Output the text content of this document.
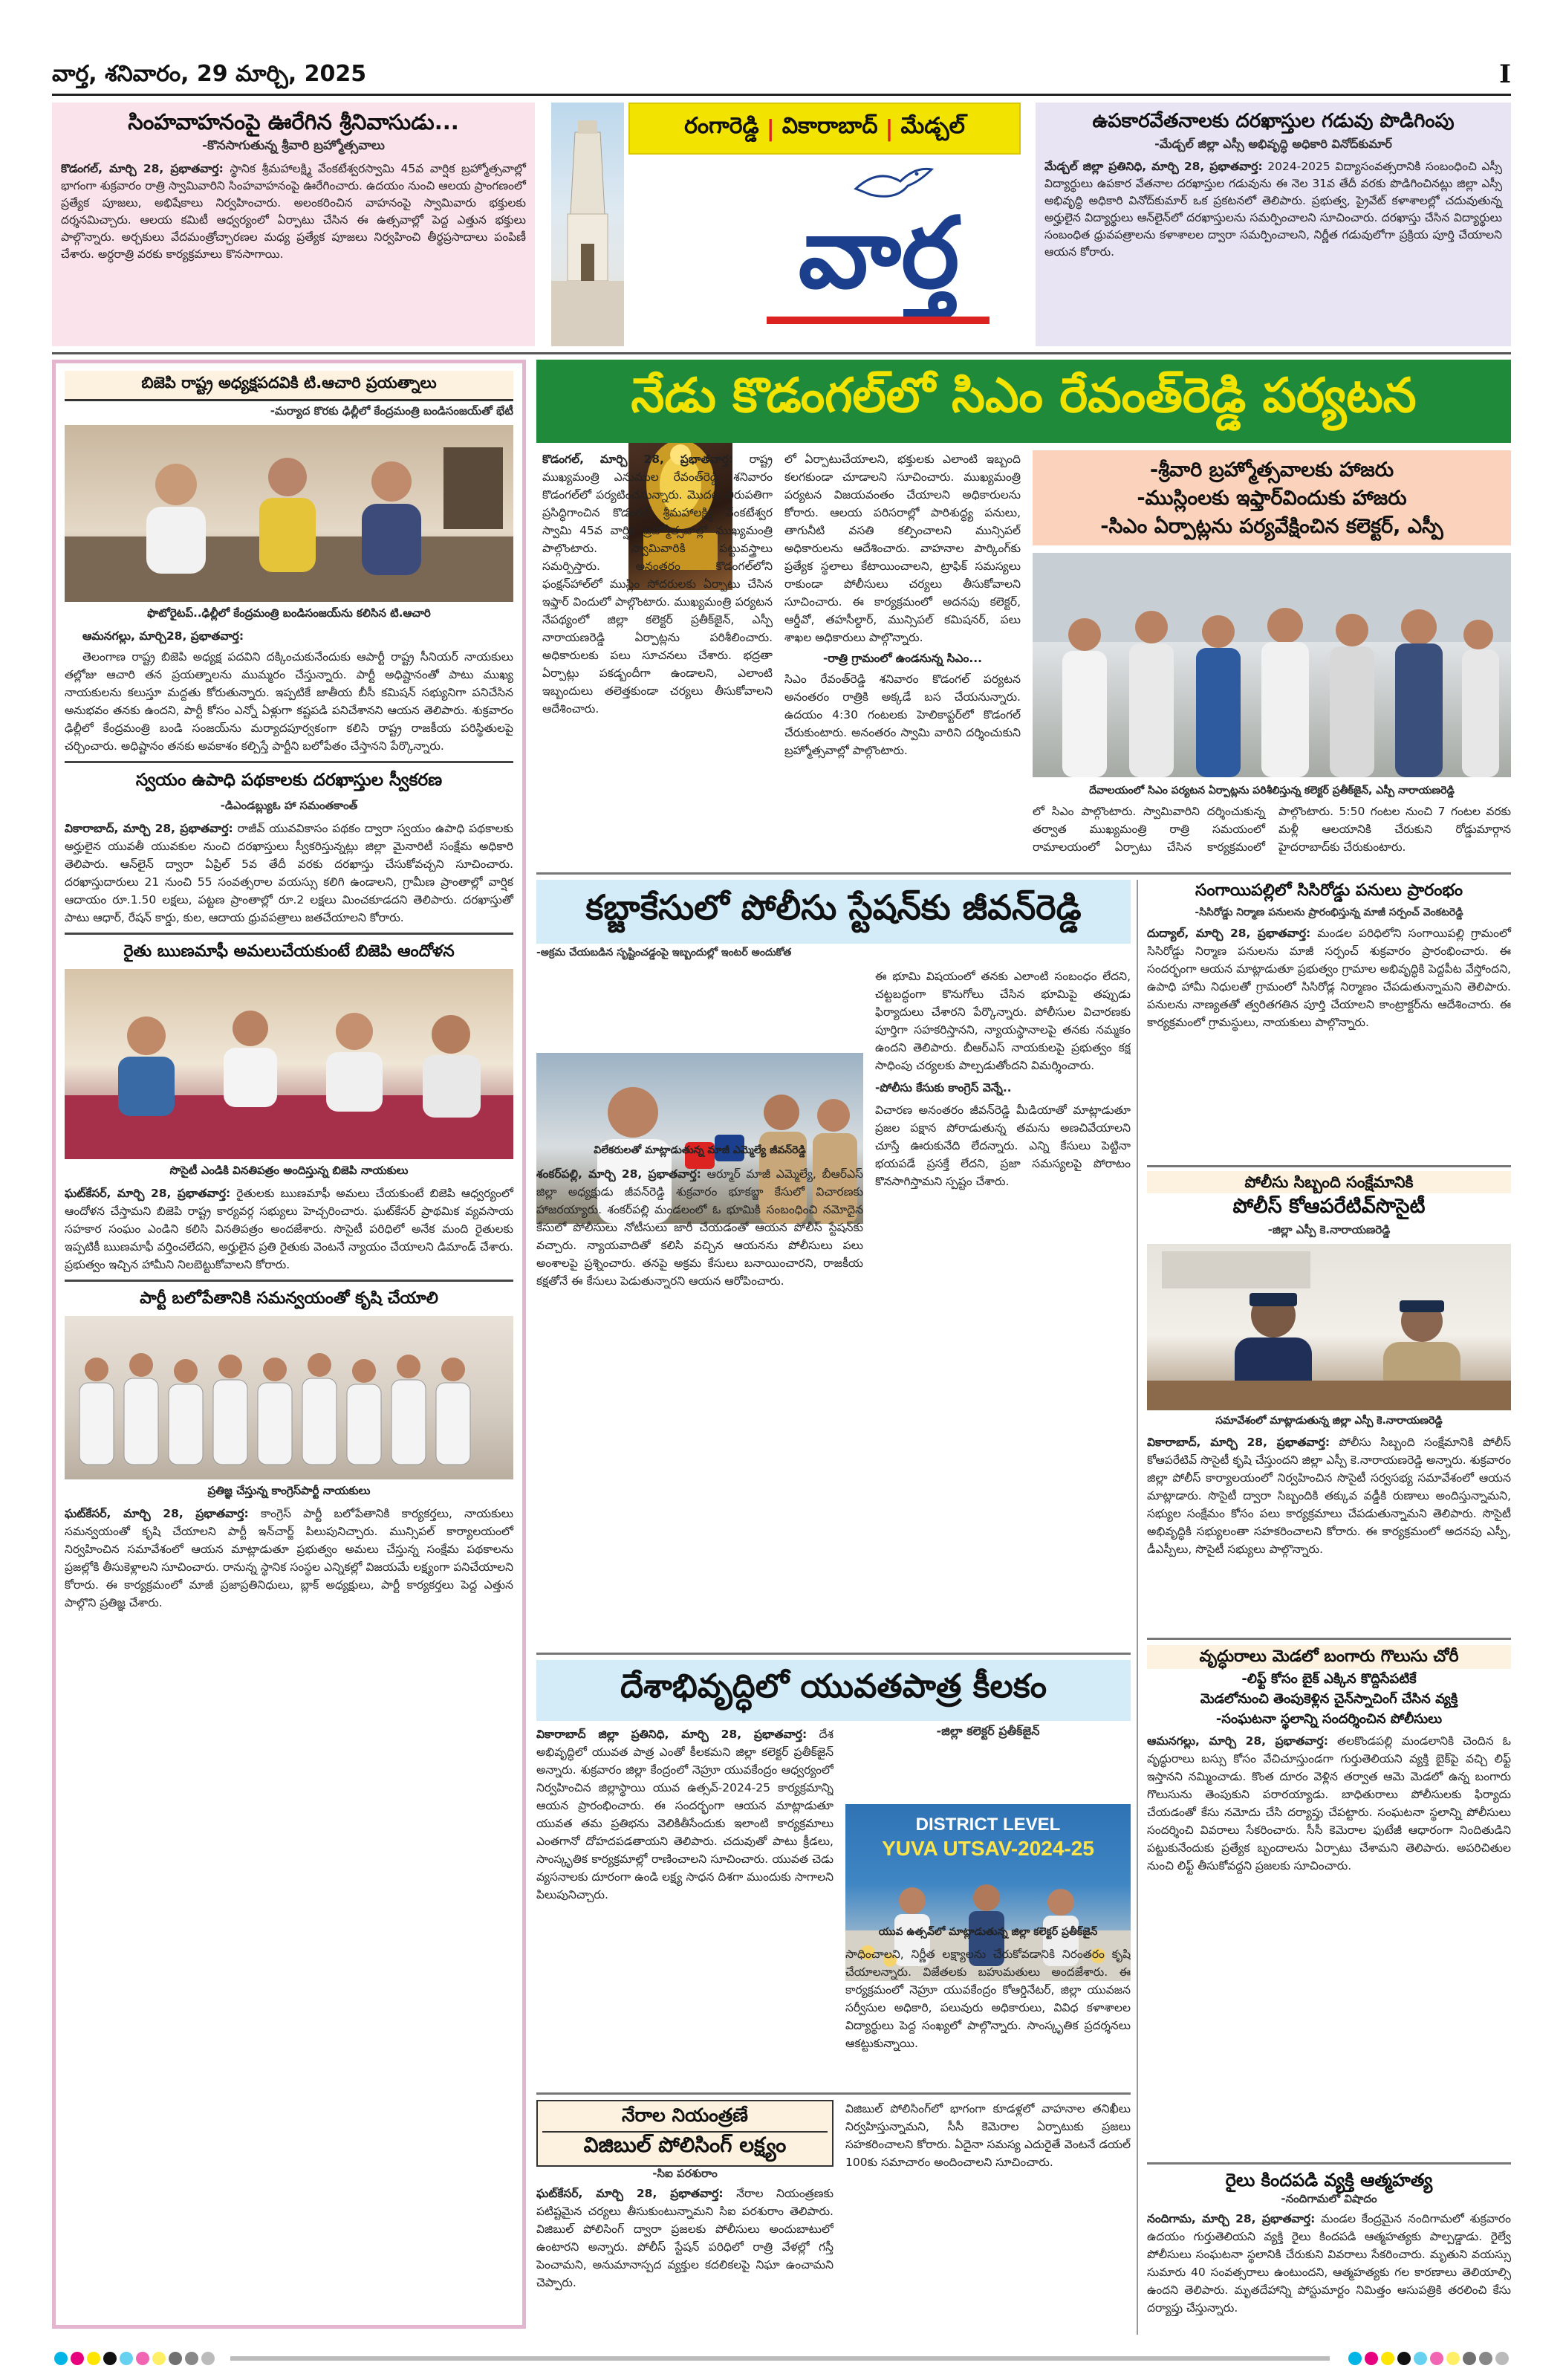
వార్త, శనివారం, 29 మార్చి, 2025	I
సింహవాహనంపై ఊరేగిన శ్రీనివాసుడు...
-కొనసాగుతున్న శ్రీవారి బ్రహ్మోత్సవాలు
కొడంగల్, మార్చి 28, ప్రభాతవార్త: స్థానిక శ్రీమహాలక్ష్మి వేంకటేశ్వరస్వామి 45వ వార్షిక బ్రహ్మోత్సవాల్లో భాగంగా శుక్రవారం రాత్రి స్వామివారిని సింహవాహనంపై ఊరేగించారు. ఉదయం నుంచి ఆలయ ప్రాంగణంలో ప్రత్యేక పూజలు, అభిషేకాలు నిర్వహించారు. అలంకరించిన వాహనంపై స్వామివారు భక్తులకు దర్శనమిచ్చారు. ఆలయ కమిటీ ఆధ్వర్యంలో ఏర్పాటు చేసిన ఈ ఉత్సవాల్లో పెద్ద ఎత్తున భక్తులు పాల్గొన్నారు. అర్చకులు వేదమంత్రోచ్ఛారణల మధ్య ప్రత్యేక పూజలు నిర్వహించి తీర్థప్రసాదాలు పంపిణీ చేశారు. అర్ధరాత్రి వరకు కార్యక్రమాలు కొనసాగాయి.
రంగారెడ్డి | వికారాబాద్ | మేడ్చల్
వార్త
ఉపకారవేతనాలకు దరఖాస్తుల గడువు పొడిగింపు
-మేడ్చల్ జిల్లా ఎస్సీ అభివృద్ధి అధికారి వినోద్‌కుమార్
మేడ్చల్ జిల్లా ప్రతినిధి, మార్చి 28, ప్రభాతవార్త: 2024-2025 విద్యాసంవత్సరానికి సంబంధించి ఎస్సీ విద్యార్థులు ఉపకార వేతనాల దరఖాస్తుల గడువును ఈ నెల 31వ తేదీ వరకు పొడిగించినట్లు జిల్లా ఎస్సీ అభివృద్ధి అధికారి వినోద్‌కుమార్ ఒక ప్రకటనలో తెలిపారు. ప్రభుత్వ, ప్రైవేట్ కళాశాలల్లో చదువుతున్న అర్హులైన విద్యార్థులు ఆన్‌లైన్‌లో దరఖాస్తులను సమర్పించాలని సూచించారు. దరఖాస్తు చేసిన విద్యార్థులు సంబంధిత ధ్రువపత్రాలను కళాశాలల ద్వారా సమర్పించాలని, నిర్ణీత గడువులోగా ప్రక్రియ పూర్తి చేయాలని ఆయన కోరారు.
బిజెపి రాష్ట్ర అధ్యక్షపదవికి టి.ఆచారి ప్రయత్నాలు
-మర్యాద కొరకు ఢిల్లీలో కేంద్రమంత్రి బండిసంజయ్‌తో భేటీ
ఫొటోరైటప్..ఢిల్లీలో కేంద్రమంత్రి బండిసంజయ్‌ను కలిసిన టి.ఆచారి

ఆమనగల్లు, మార్చి28, ప్రభాతవార్త:

తెలంగాణ రాష్ట్ర బిజెపి అధ్యక్ష పదవిని దక్కించుకునేందుకు ఆపార్టీ రాష్ట్ర సీనియర్ నాయకులు తల్లోజు ఆచారి తన ప్రయత్నాలను ముమ్మరం చేస్తున్నారు. పార్టీ అధిష్టానంతో పాటు ముఖ్య నాయకులను కలుస్తూ మద్దతు కోరుతున్నారు. ఇప్పటికే జాతీయ బీసీ కమిషన్ సభ్యునిగా పనిచేసిన అనుభవం తనకు ఉందని, పార్టీ కోసం ఎన్నో ఏళ్లుగా కష్టపడి పనిచేశానని ఆయన తెలిపారు. శుక్రవారం ఢిల్లీలో కేంద్రమంత్రి బండి సంజయ్‌ను మర్యాదపూర్వకంగా కలిసి రాష్ట్ర రాజకీయ పరిస్థితులపై చర్చించారు. అధిష్టానం తనకు అవకాశం కల్పిస్తే పార్టీని బలోపేతం చేస్తానని పేర్కొన్నారు.

స్వయం ఉపాధి పథకాలకు దరఖాస్తుల స్వీకరణ
-డిఎండబ్ల్యుఓ హా సమంతకాంత్
వికారాబాద్, మార్చి 28, ప్రభాతవార్త: రాజీవ్ యువవికాసం పథకం ద్వారా స్వయం ఉపాధి పథకాలకు అర్హులైన యువతీ యువకుల నుంచి దరఖాస్తులు స్వీకరిస్తున్నట్లు జిల్లా మైనారిటీ సంక్షేమ అధికారి తెలిపారు. ఆన్‌లైన్ ద్వారా ఏప్రిల్ 5వ తేదీ వరకు దరఖాస్తు చేసుకోవచ్చని సూచించారు. దరఖాస్తుదారులు 21 నుంచి 55 సంవత్సరాల వయస్సు కలిగి ఉండాలని, గ్రామీణ ప్రాంతాల్లో వార్షిక ఆదాయం రూ.1.50 లక్షలు, పట్టణ ప్రాంతాల్లో రూ.2 లక్షలు మించకూడదని తెలిపారు. దరఖాస్తుతో పాటు ఆధార్, రేషన్ కార్డు, కుల, ఆదాయ ధ్రువపత్రాలు జతచేయాలని కోరారు.
రైతు ఋణమాఫీ అమలుచేయకుంటే బిజెపి ఆందోళన
సొసైటీ ఎండికి వినతిపత్రం అందిస్తున్న బిజెపి నాయకులు
ఘట్‌కేసర్, మార్చి 28, ప్రభాతవార్త: రైతులకు ఋణమాఫీ అమలు చేయకుంటే బిజెపి ఆధ్వర్యంలో ఆందోళన చేస్తామని బిజెపి రాష్ట్ర కార్యవర్గ సభ్యులు హెచ్చరించారు. ఘట్‌కేసర్ ప్రాథమిక వ్యవసాయ సహకార సంఘం ఎండిని కలిసి వినతిపత్రం అందజేశారు. సొసైటీ పరిధిలో అనేక మంది రైతులకు ఇప్పటికీ ఋణమాఫీ వర్తించలేదని, అర్హులైన ప్రతి రైతుకు వెంటనే న్యాయం చేయాలని డిమాండ్ చేశారు. ప్రభుత్వం ఇచ్చిన హామీని నిలబెట్టుకోవాలని కోరారు.
పార్టీ బలోపేతానికి సమన్వయంతో కృషి చేయాలి
ప్రతిజ్ఞ చేస్తున్న కాంగ్రెస్‌పార్టీ నాయకులు
ఘట్‌కేసర్, మార్చి 28, ప్రభాతవార్త: కాంగ్రెస్ పార్టీ బలోపేతానికి కార్యకర్తలు, నాయకులు సమన్వయంతో కృషి చేయాలని పార్టీ ఇన్‌చార్జ్ పిలుపునిచ్చారు. మున్సిపల్ కార్యాలయంలో నిర్వహించిన సమావేశంలో ఆయన మాట్లాడుతూ ప్రభుత్వం అమలు చేస్తున్న సంక్షేమ పథకాలను ప్రజల్లోకి తీసుకెళ్లాలని సూచించారు. రానున్న స్థానిక సంస్థల ఎన్నికల్లో విజయమే లక్ష్యంగా పనిచేయాలని కోరారు. ఈ కార్యక్రమంలో మాజీ ప్రజాప్రతినిధులు, బ్లాక్ అధ్యక్షులు, పార్టీ కార్యకర్తలు పెద్ద ఎత్తున పాల్గొని ప్రతిజ్ఞ చేశారు.
నేడు కొడంగల్‌లో సిఎం రేవంత్‌రెడ్డి పర్యటన
కొడంగల్, మార్చి 28, ప్రభాతవార్త: రాష్ట్ర ముఖ్యమంత్రి ఎనుముల రేవంత్‌రెడ్డి శనివారం కొడంగల్‌లో పర్యటించనున్నారు. మొదట తిరుపతిగా ప్రసిద్ధిగాంచిన కొడంగల్ శ్రీమహాలక్ష్మి వేంకటేశ్వర స్వామి 45వ వార్షిక బ్రహ్మోత్సవాల్లో ముఖ్యమంత్రి పాల్గొంటారు. స్వామివారికి పట్టువస్త్రాలు సమర్పిస్తారు. అనంతరం కొడంగల్‌లోని ఫంక్షన్‌హాల్‌లో ముస్లిం సోదరులకు ఏర్పాటు చేసిన ఇఫ్తార్ విందులో పాల్గొంటారు. ముఖ్యమంత్రి పర్యటన నేపథ్యంలో జిల్లా కలెక్టర్ ప్రతీక్‌జైన్, ఎస్పీ నారాయణరెడ్డి ఏర్పాట్లను పరిశీలించారు. అధికారులకు పలు సూచనలు చేశారు. భద్రతా ఏర్పాట్లు పకడ్బందీగా ఉండాలని, ఎలాంటి ఇబ్బందులు తలెత్తకుండా చర్యలు తీసుకోవాలని ఆదేశించారు.
లో ఏర్పాటుచేయాలని, భక్తులకు ఎలాంటి ఇబ్బంది కలగకుండా చూడాలని సూచించారు. ముఖ్యమంత్రి పర్యటన విజయవంతం చేయాలని అధికారులను కోరారు. ఆలయ పరిసరాల్లో పారిశుద్ధ్య పనులు, తాగునీటి వసతి కల్పించాలని మున్సిపల్ అధికారులను ఆదేశించారు. వాహనాల పార్కింగ్‌కు ప్రత్యేక స్థలాలు కేటాయించాలని, ట్రాఫిక్ సమస్యలు రాకుండా పోలీసులు చర్యలు తీసుకోవాలని సూచించారు. ఈ కార్యక్రమంలో అదనపు కలెక్టర్, ఆర్డీవో, తహసీల్దార్, మున్సిపల్ కమిషనర్, పలు శాఖల అధికారులు పాల్గొన్నారు.
-రాత్రి గ్రామంలో ఉండనున్న సిఎం...
సిఎం రేవంత్‌రెడ్డి శనివారం కొడంగల్ పర్యటన అనంతరం రాత్రికి అక్కడే బస చేయనున్నారు. ఉదయం 4:30 గంటలకు హెలికాప్టర్‌లో కొడంగల్ చేరుకుంటారు. అనంతరం స్వామి వారిని దర్శించుకుని బ్రహ్మోత్సవాల్లో పాల్గొంటారు.
-శ్రీవారి బ్రహ్మోత్సవాలకు హాజరు
-ముస్లింలకు ఇఫ్తార్‌విందుకు హాజరు
-సిఎం ఏర్పాట్లను పర్యవేక్షించిన కలెక్టర్, ఎస్పీ
దేవాలయంలో సిఎం పర్యటన ఏర్పాట్లను పరిశీలిస్తున్న కలెక్టర్ ప్రతీక్‌జైన్, ఎస్పీ నారాయణరెడ్డి
లో సిఎం పాల్గొంటారు. స్వామివారిని దర్శించుకున్న తర్వాత ముఖ్యమంత్రి రాత్రి సమయంలో రామాలయంలో ఏర్పాటు చేసిన కార్యక్రమంలో పాల్గొంటారు. 5:50 గంటల నుంచి 7 గంటల వరకు మళ్లీ ఆలయానికి చేరుకుని రోడ్డుమార్గాన హైదరాబాద్‌కు చేరుకుంటారు.
కబ్జాకేసులో పోలీసు స్టేషన్‌కు జీవన్‌రెడ్డి
-అక్రమ చేయబడిన సృష్టించడ్డంపై ఇబ్బందుల్లో ఇంటర్ అందుకోత
విలేకరులతో మాట్లాడుతున్న మాజీ ఎమ్మెల్యే జీవన్‌రెడ్డి
శంకర్‌పల్లి, మార్చి 28, ప్రభాతవార్త: ఆర్మూర్ మాజీ ఎమ్మెల్యే, బీఆర్ఎస్ జిల్లా అధ్యక్షుడు జీవన్‌రెడ్డి శుక్రవారం భూకబ్జా కేసులో విచారణకు హాజరయ్యారు. శంకర్‌పల్లి మండలంలో ఓ భూమికి సంబంధించి నమోదైన కేసులో పోలీసులు నోటీసులు జారీ చేయడంతో ఆయన పోలీస్ స్టేషన్‌కు వచ్చారు. న్యాయవాదితో కలిసి వచ్చిన ఆయనను పోలీసులు పలు అంశాలపై ప్రశ్నించారు. తనపై అక్రమ కేసులు బనాయించారని, రాజకీయ కక్షతోనే ఈ కేసులు పెడుతున్నారని ఆయన ఆరోపించారు.
ఈ భూమి విషయంలో తనకు ఎలాంటి సంబంధం లేదని, చట్టబద్ధంగా కొనుగోలు చేసిన భూమిపై తప్పుడు ఫిర్యాదులు చేశారని పేర్కొన్నారు. పోలీసుల విచారణకు పూర్తిగా సహకరిస్తానని, న్యాయస్థానాలపై తనకు నమ్మకం ఉందని తెలిపారు. బీఆర్ఎస్ నాయకులపై ప్రభుత్వం కక్ష సాధింపు చర్యలకు పాల్పడుతోందని విమర్శించారు.
-పోలీసు కేసుకు కాంగ్రెస్ వెన్నే..
విచారణ అనంతరం జీవన్‌రెడ్డి మీడియాతో మాట్లాడుతూ ప్రజల పక్షాన పోరాడుతున్న తమను అణచివేయాలని చూస్తే ఊరుకునేది లేదన్నారు. ఎన్ని కేసులు పెట్టినా భయపడే ప్రసక్తే లేదని, ప్రజా సమస్యలపై పోరాటం కొనసాగిస్తామని స్పష్టం చేశారు.
దేశాభివృద్ధిలో యువతపాత్ర కీలకం
వికారాబాద్ జిల్లా ప్రతినిధి, మార్చి 28, ప్రభాతవార్త: దేశ అభివృద్ధిలో యువత పాత్ర ఎంతో కీలకమని జిల్లా కలెక్టర్ ప్రతీక్‌జైన్ అన్నారు. శుక్రవారం జిల్లా కేంద్రంలో నెహ్రూ యువకేంద్రం ఆధ్వర్యంలో నిర్వహించిన జిల్లాస్థాయి యువ ఉత్సవ్-2024-25 కార్యక్రమాన్ని ఆయన ప్రారంభించారు. ఈ సందర్భంగా ఆయన మాట్లాడుతూ యువత తమ ప్రతిభను వెలికితీసేందుకు ఇలాంటి కార్యక్రమాలు ఎంతగానో దోహదపడతాయని తెలిపారు. చదువుతో పాటు క్రీడలు, సాంస్కృతిక కార్యక్రమాల్లో రాణించాలని సూచించారు. యువత చెడు వ్యసనాలకు దూరంగా ఉండి లక్ష్య సాధన దిశగా ముందుకు సాగాలని పిలుపునిచ్చారు.
-జిల్లా కలెక్టర్ ప్రతీక్‌జైన్
DISTRICT LEVEL
YUVA UTSAV-2024-25
యువ ఉత్సవ్‌లో మాట్లాడుతున్న జిల్లా కలెక్టర్ ప్రతీక్‌జైన్
సాధించాలని, నిర్ణీత లక్ష్యాలను చేరుకోవడానికి నిరంతరం కృషి చేయాలన్నారు. విజేతలకు బహుమతులు అందజేశారు. ఈ కార్యక్రమంలో నెహ్రూ యువకేంద్రం కోఆర్డినేటర్, జిల్లా యువజన సర్వీసుల అధికారి, పలువురు అధికారులు, వివిధ కళాశాలల విద్యార్థులు పెద్ద సంఖ్యలో పాల్గొన్నారు. సాంస్కృతిక ప్రదర్శనలు ఆకట్టుకున్నాయి.
నేరాల నియంత్రణే
విజిబుల్ పోలిసింగ్ లక్ష్యం
-సిఐ పరశురాం
ఘట్‌కేసర్, మార్చి 28, ప్రభాతవార్త: నేరాల నియంత్రణకు పటిష్టమైన చర్యలు తీసుకుంటున్నామని సిఐ పరశురాం తెలిపారు. విజిబుల్ పోలిసింగ్ ద్వారా ప్రజలకు పోలీసులు అందుబాటులో ఉంటారని అన్నారు. పోలీస్ స్టేషన్ పరిధిలో రాత్రి వేళల్లో గస్తీ పెంచామని, అనుమానాస్పద వ్యక్తుల కదలికలపై నిఘా ఉంచామని చెప్పారు.
విజిబుల్ పోలిసింగ్‌లో భాగంగా కూడళ్లలో వాహనాల తనిఖీలు నిర్వహిస్తున్నామని, సీసీ కెమెరాల ఏర్పాటుకు ప్రజలు సహకరించాలని కోరారు. ఏదైనా సమస్య ఎదురైతే వెంటనే డయల్ 100కు సమాచారం అందించాలని సూచించారు.
సంగాయిపల్లిలో సిసిరోడ్డు పనులు ప్రారంభం
-సిసిరోడ్డు నిర్మాణ పనులను ప్రారంభిస్తున్న మాజీ సర్పంచ్ వెంకటరెడ్డి
దుద్యాల్, మార్చి 28, ప్రభాతవార్త: మండల పరిధిలోని సంగాయిపల్లి గ్రామంలో సిసిరోడ్డు నిర్మాణ పనులను మాజీ సర్పంచ్ శుక్రవారం ప్రారంభించారు. ఈ సందర్భంగా ఆయన మాట్లాడుతూ ప్రభుత్వం గ్రామాల అభివృద్ధికి పెద్దపీట వేస్తోందని, ఉపాధి హామీ నిధులతో గ్రామంలో సిసిరోడ్ల నిర్మాణం చేపడుతున్నామని తెలిపారు. పనులను నాణ్యతతో త్వరితగతిన పూర్తి చేయాలని కాంట్రాక్టర్‌ను ఆదేశించారు. ఈ కార్యక్రమంలో గ్రామస్థులు, నాయకులు పాల్గొన్నారు.
పోలీసు సిబ్బంది సంక్షేమానికి
పోలీస్ కోఆపరేటివ్‌సొసైటీ
-జిల్లా ఎస్పీ కె.నారాయణరెడ్డి
సమావేశంలో మాట్లాడుతున్న జిల్లా ఎస్పీ కె.నారాయణరెడ్డి
వికారాబాద్, మార్చి 28, ప్రభాతవార్త: పోలీసు సిబ్బంది సంక్షేమానికి పోలీస్ కోఆపరేటివ్ సొసైటీ కృషి చేస్తుందని జిల్లా ఎస్పీ కె.నారాయణరెడ్డి అన్నారు. శుక్రవారం జిల్లా పోలీస్ కార్యాలయంలో నిర్వహించిన సొసైటీ సర్వసభ్య సమావేశంలో ఆయన మాట్లాడారు. సొసైటీ ద్వారా సిబ్బందికి తక్కువ వడ్డీకి రుణాలు అందిస్తున్నామని, సభ్యుల సంక్షేమం కోసం పలు కార్యక్రమాలు చేపడుతున్నామని తెలిపారు. సొసైటీ అభివృద్ధికి సభ్యులంతా సహకరించాలని కోరారు. ఈ కార్యక్రమంలో అదనపు ఎస్పీ, డీఎస్పీలు, సొసైటీ సభ్యులు పాల్గొన్నారు.
వృద్ధురాలు మెడలో బంగారు గొలుసు చోరీ
-లిఫ్ట్ కోసం బైక్ ఎక్కిన కొద్దిసేపటికే
మెడలోనుంచి తెంపుకెళ్లిన చైన్‌స్నాచింగ్ చేసిన వ్యక్తి
-సంఘటనా స్థలాన్ని సందర్శించిన పోలీసులు
ఆమనగల్లు, మార్చి 28, ప్రభాతవార్త: తలకొండపల్లి మండలానికి చెందిన ఓ వృద్ధురాలు బస్సు కోసం వేచిచూస్తుండగా గుర్తుతెలియని వ్యక్తి బైక్‌పై వచ్చి లిఫ్ట్ ఇస్తానని నమ్మించాడు. కొంత దూరం వెళ్లిన తర్వాత ఆమె మెడలో ఉన్న బంగారు గొలుసును తెంపుకుని పరారయ్యాడు. బాధితురాలు పోలీసులకు ఫిర్యాదు చేయడంతో కేసు నమోదు చేసి దర్యాప్తు చేపట్టారు. సంఘటనా స్థలాన్ని పోలీసులు సందర్శించి వివరాలు సేకరించారు. సీసీ కెమెరాల ఫుటేజీ ఆధారంగా నిందితుడిని పట్టుకునేందుకు ప్రత్యేక బృందాలను ఏర్పాటు చేశామని తెలిపారు. అపరిచితుల నుంచి లిఫ్ట్ తీసుకోవద్దని ప్రజలకు సూచించారు.
రైలు కిందపడి వ్యక్తి ఆత్మహత్య
-నందిగామలో విషాదం
నందిగామ, మార్చి 28, ప్రభాతవార్త: మండల కేంద్రమైన నందిగామలో శుక్రవారం ఉదయం గుర్తుతెలియని వ్యక్తి రైలు కిందపడి ఆత్మహత్యకు పాల్పడ్డాడు. రైల్వే పోలీసులు సంఘటనా స్థలానికి చేరుకుని వివరాలు సేకరించారు. మృతుని వయస్సు సుమారు 40 సంవత్సరాలు ఉంటుందని, ఆత్మహత్యకు గల కారణాలు తెలియాల్సి ఉందని తెలిపారు. మృతదేహాన్ని పోస్టుమార్టం నిమిత్తం ఆసుపత్రికి తరలించి కేసు దర్యాప్తు చేస్తున్నారు.
